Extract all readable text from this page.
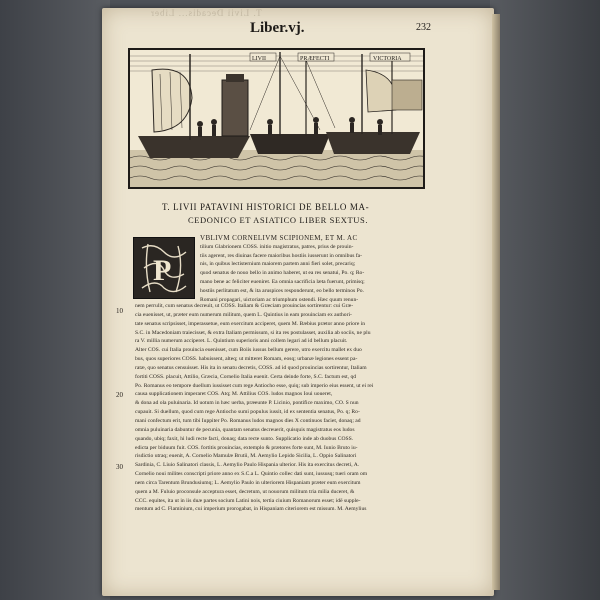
T. Livii Decadis... Liber
Liber.vj.	232
LIVII	PRÆFECTI	VICTORIA
T. LIVII PATAVINI HISTORICI DE BELLO MA-
CEDONICO ET ASIATICO LIBER SEXTUS.
P
VBLIVM CORNELIVM SCIPIONEM, ET M. AC
tilium Glabrionem COSS. initio magistratus, patres, prius de prouin-
tiis agerent, res diuinas facere maioribus hostiis iusserunt in omnibus fa-
nis, in quibus lectisternium maiorem partem anni fieri solet, precariq;
quod senatus de nouo bello in animo haberet, ut ea res senatui, Po. q; Ro-
mano bene ac feliciter eueniret. Ea omnia sacrificia læta fuerunt, primisq;
hostiis perlitatum est, & ita aruspices responderunt, eo bello terminos Po.
Romani propagari, uictoriam ac triumphum ostendi. Hæc quum renun-
nem perrulit, cum senatus decreuit, ut COSS. Italiam & Græciam prouincias sortirentur: cui Græ-
cia euenisset, ut, præter eum numerum militum, quem L. Quintius in eam prouinciam ex authori-
tate senatus scripsisset, imperassetue, eum exercitum acciperet, quem M. Bæbius prætor anno priore in
S.C. in Macedoniam traiecisset, & extra Italiam permissum, si ita res postulasset, auxilia ab sociis, ne plu
ra V. millia numerum acciperet. L. Quintium superioris anni collem legari ad id bellum placuit.
Alter COS. cui Italia prouincia euenisset, cum Boiis iussus bellum gerere, utro exercitu mallet ex duo
bus, quos superiores COSS. habuissent, alteq; ut mitteret Romam, eosq; urbanæ legiones essent pa-
ratæ, quo senatus censuisset. His ita in senatu decretis, COSS. ad id quod prouincias sortirentur, Italiam
fortiti COSS. placuit, Attilio, Græcia, Cornelio Italia euenit. Certa deinde forte, S.C. factum est, qd
Po. Romanus eo tempore duellum iussisset cum rege Antiocho esse, quiq; sub imperio eius essent, ut ei rei
causa supplicationem imperaret COS. Atq; M. Attilius COS. ludos magnos Ioui uoueret,
& dona ad ola puluinaria. Id uotum in hæc uerba, præeunte P. Licinio, pontifice maximo, CO. S nun
cupauit. Si duellum, quod cum rege Antiocho sumi populus iussit, id ex sententia senatus, Po. q; Ro-
mani confectum erit, tum tibi Iuppiter Po. Romanus ludos magnos dies X continuos faciet, donaq; ad
omnia puluinaria dabuntur de pecunia, quantam senatus decreuerit, quisquis magistratus eos ludos
quando, ubiq; faxit, hi ludi recte facti, donaq; data recte sunto. Supplicatio inde ab duobus COSS.
edicta per biduum fuit. COS. fortitis prouincias, extemplo & prætores forte sunt, M. Iunio Bruto iu-
risdictio utraq; euenit, A. Cornelio Mamulæ Brutii, M. Aemylio Lepido Sicilia, L. Oppio Salinatori
Sardinia, C. Liuio Salinatori classis, L. Aemylio Paulo Hispania ulterior. His ita exercitus decreti, A.
Cornelio noui milites conscripti priore anno ex S.C.a L. Quintio collec dati sunt, iussusq; tueri oram om
nem circa Tarentum Brundusiumq; L. Aemylio Paulo in ulteriorem Hispaniam præter eum exercitum
quem a M. Fuluio proconsule acceptura esset, decretum, ut nouorum militum tria milia duceret, &
CCC. equites, ita ut in iis duæ partes socium Latini nois, tertia ciuium Romanorum esset; idē supple-
mentum ad C. Flaminium, cui imperium prorogabat, in Hispaniam citeriorem est missum. M. Aemylius
10
20
30
